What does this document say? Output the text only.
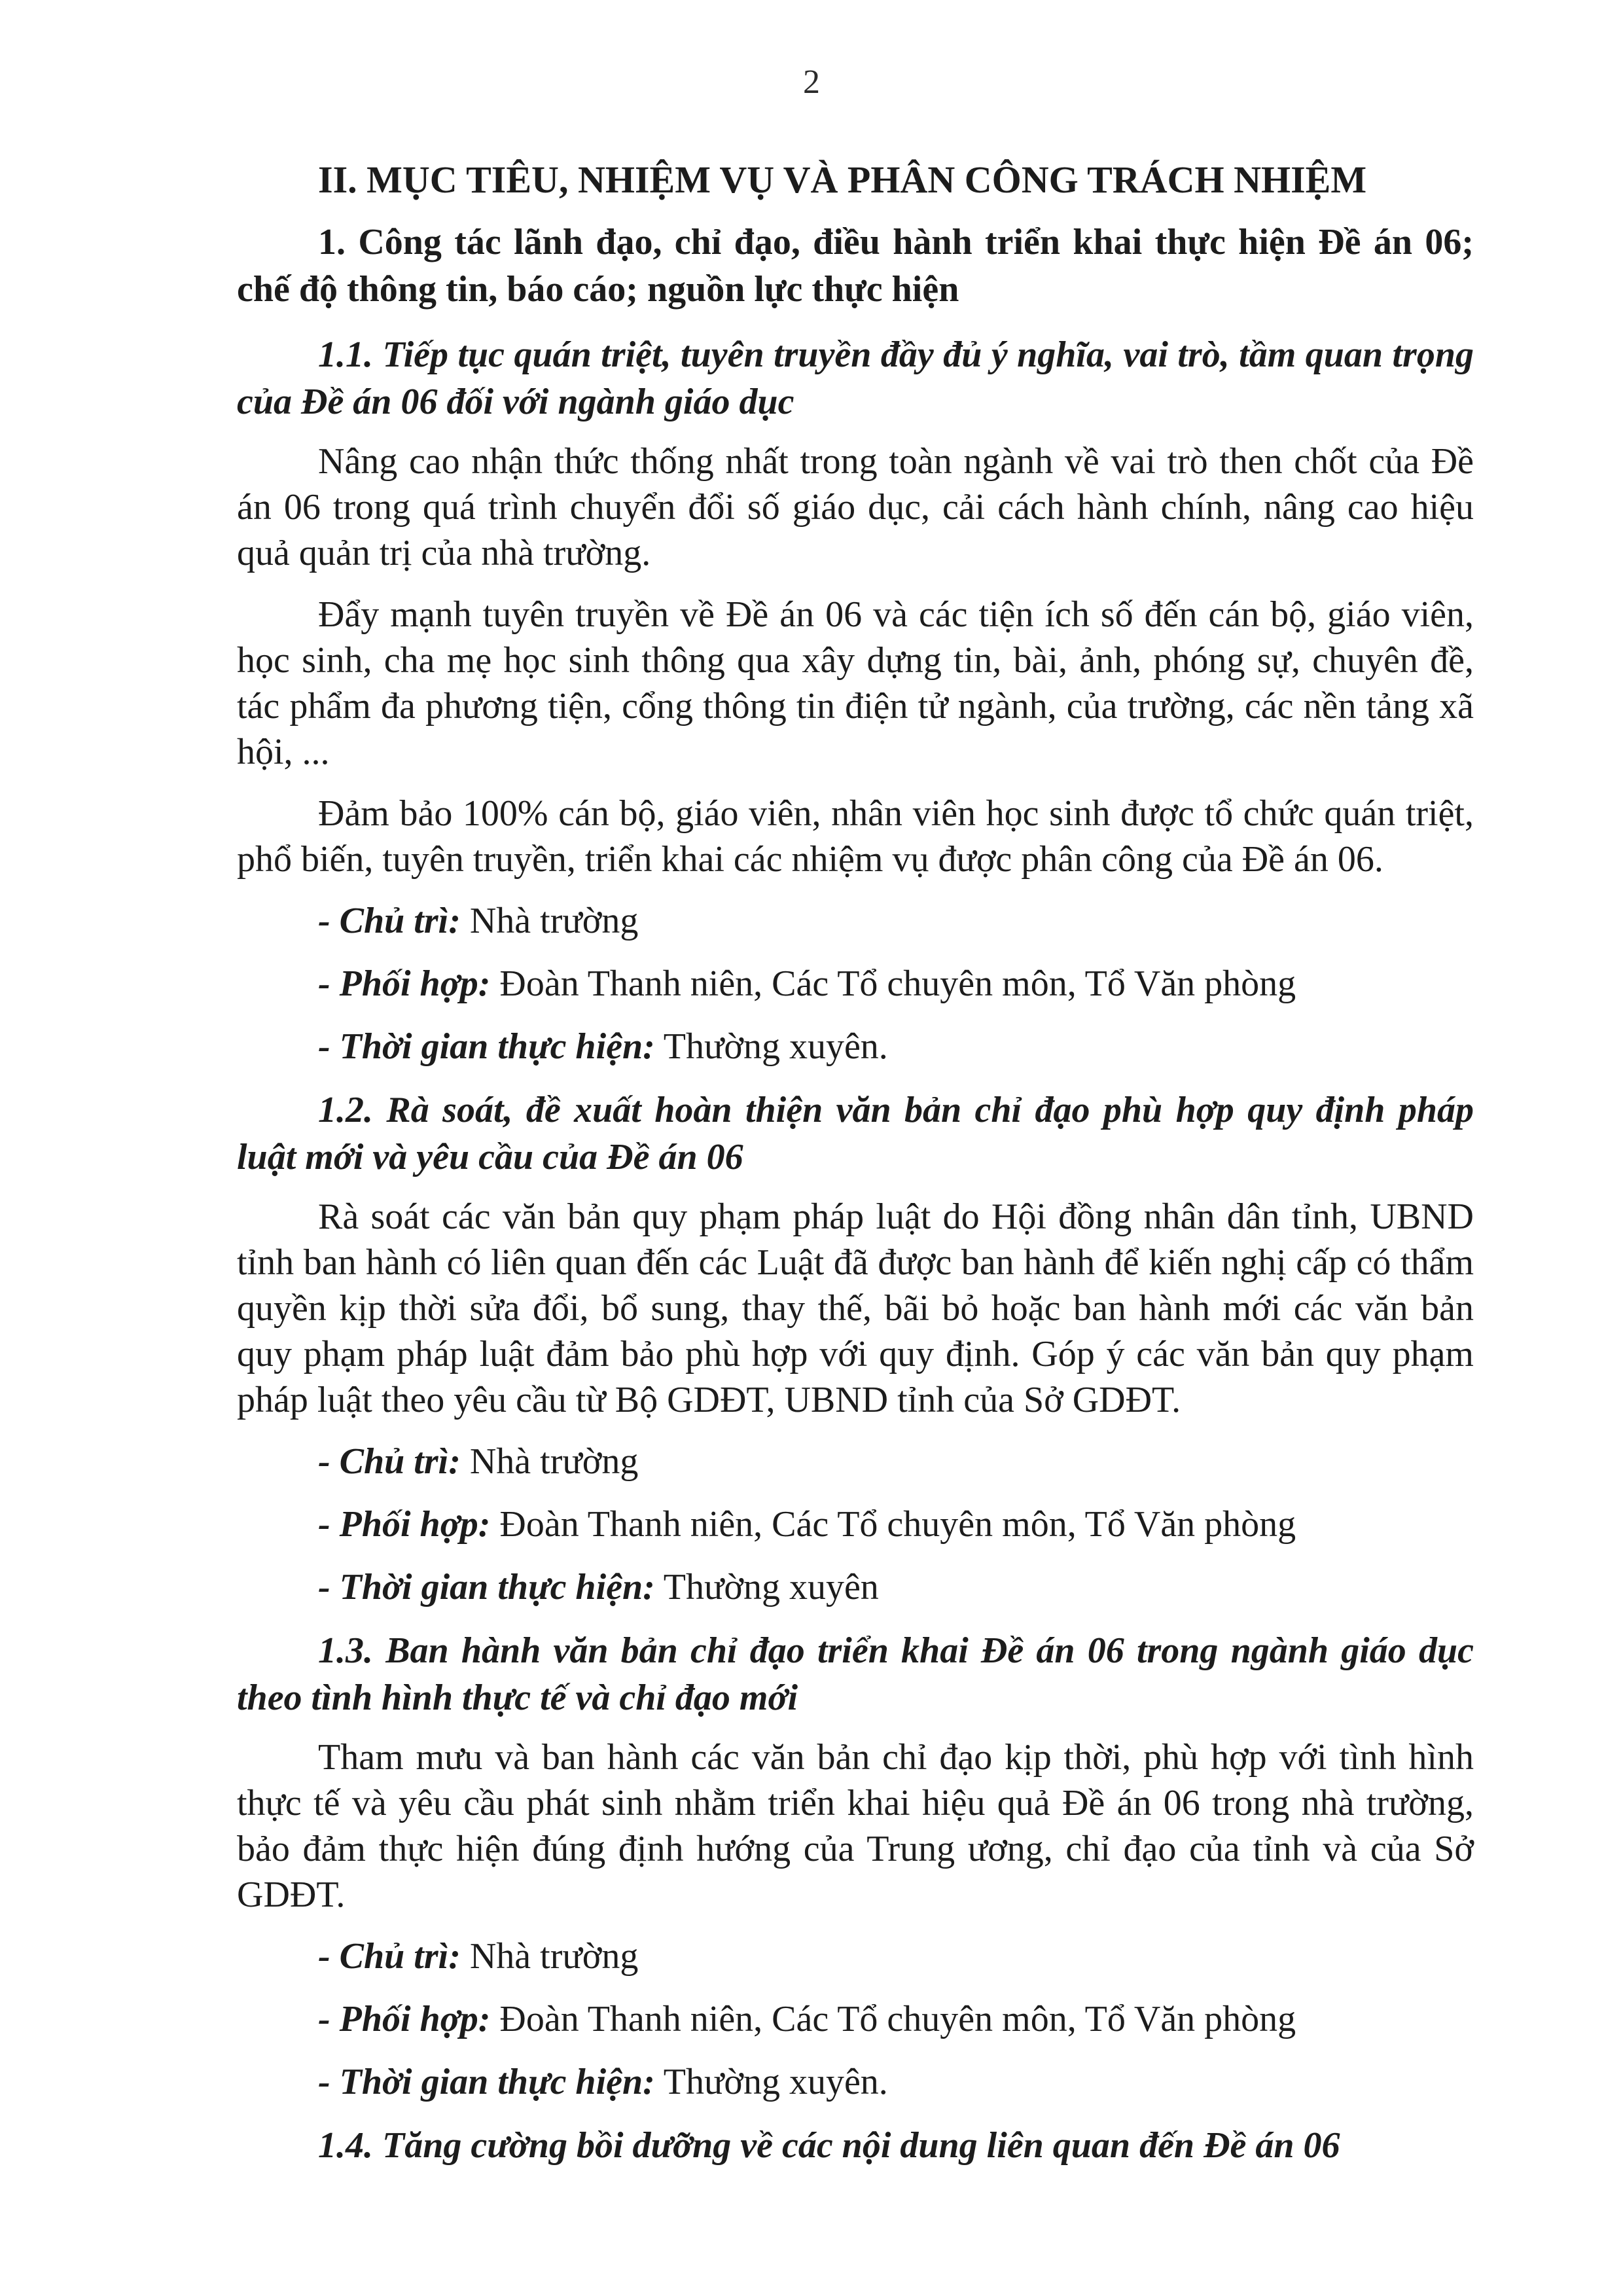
2
II. MỤC TIÊU, NHIỆM VỤ VÀ PHÂN CÔNG TRÁCH NHIỆM
1. Công tác lãnh đạo, chỉ đạo, điều hành triển khai thực hiện Đề án 06; chế độ thông tin, báo cáo; nguồn lực thực hiện
1.1. Tiếp tục quán triệt, tuyên truyền đầy đủ ý nghĩa, vai trò, tầm quan trọng của Đề án 06 đối với ngành giáo dục

Nâng cao nhận thức thống nhất trong toàn ngành về vai trò then chốt của Đề án 06 trong quá trình chuyển đổi số giáo dục, cải cách hành chính, nâng cao hiệu quả quản trị của nhà trường.

Đẩy mạnh tuyên truyền về Đề án 06 và các tiện ích số đến cán bộ, giáo viên, học sinh, cha mẹ học sinh thông qua xây dựng tin, bài, ảnh, phóng sự, chuyên đề, tác phẩm đa phương tiện, cổng thông tin điện tử ngành, của trường, các nền tảng xã hội, ...

Đảm bảo 100% cán bộ, giáo viên, nhân viên học sinh được tổ chức quán triệt, phổ biến, tuyên truyền, triển khai các nhiệm vụ được phân công của Đề án 06.

- Chủ trì: Nhà trường
- Phối hợp: Đoàn Thanh niên, Các Tổ chuyên môn, Tổ Văn phòng
- Thời gian thực hiện: Thường xuyên.
1.2. Rà soát, đề xuất hoàn thiện văn bản chỉ đạo phù hợp quy định pháp luật mới và yêu cầu của Đề án 06

Rà soát các văn bản quy phạm pháp luật do Hội đồng nhân dân tỉnh, UBND tỉnh ban hành có liên quan đến các Luật đã được ban hành để kiến nghị cấp có thẩm quyền kịp thời sửa đổi, bổ sung, thay thế, bãi bỏ hoặc ban hành mới các văn bản quy phạm pháp luật đảm bảo phù hợp với quy định. Góp ý các văn bản quy phạm pháp luật theo yêu cầu từ Bộ GDĐT, UBND tỉnh của Sở GDĐT.

- Chủ trì: Nhà trường
- Phối hợp: Đoàn Thanh niên, Các Tổ chuyên môn, Tổ Văn phòng
- Thời gian thực hiện: Thường xuyên
1.3. Ban hành văn bản chỉ đạo triển khai Đề án 06 trong ngành giáo dục theo tình hình thực tế và chỉ đạo mới

Tham mưu và ban hành các văn bản chỉ đạo kịp thời, phù hợp với tình hình thực tế và yêu cầu phát sinh nhằm triển khai hiệu quả Đề án 06 trong nhà trường, bảo đảm thực hiện đúng định hướng của Trung ương, chỉ đạo của tỉnh và của Sở GDĐT.

- Chủ trì: Nhà trường
- Phối hợp: Đoàn Thanh niên, Các Tổ chuyên môn, Tổ Văn phòng
- Thời gian thực hiện: Thường xuyên.
1.4. Tăng cường bồi dưỡng về các nội dung liên quan đến Đề án 06
